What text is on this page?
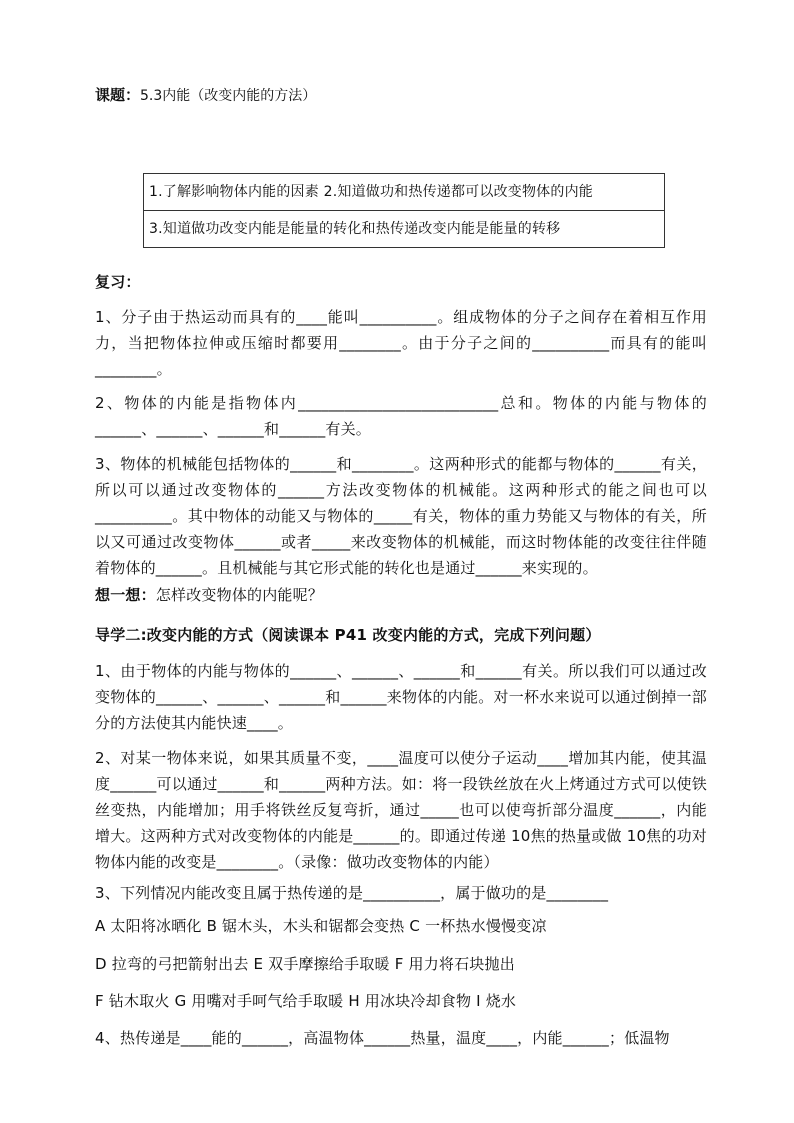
课题：5.3内能（改变内能的方法）
1.了解影响物体内能的因素 2.知道做功和热传递都可以改变物体的内能
3.知道做功改变内能是能量的转化和热传递改变内能是能量的转移
复习：
1、分子由于热运动而具有的____能叫__________。组成物体的分子之间存在着相互作用力，当把物体拉伸或压缩时都要用________。由于分子之间的__________而具有的能叫________。
2、物体的内能是指物体内__________________________总和。物体的内能与物体的______、______、______和______有关。
3、物体的机械能包括物体的______和________。这两种形式的能都与物体的______有关，所以可以通过改变物体的______方法改变物体的机械能。这两种形式的能之间也可以__________。其中物体的动能又与物体的_____有关，物体的重力势能又与物体的有关，所以又可通过改变物体______或者_____来改变物体的机械能，而这时物体能的改变往往伴随着物体的______。且机械能与其它形式能的转化也是通过______来实现的。
想一想：怎样改变物体的内能呢？
导学二:改变内能的方式（阅读课本 P41 改变内能的方式，完成下列问题）
1、由于物体的内能与物体的______、______、______和______有关。所以我们可以通过改变物体的______、______、______和______来物体的内能。对一杯水来说可以通过倒掉一部分的方法使其内能快速____。
2、对某一物体来说，如果其质量不变，____温度可以使分子运动____增加其内能，使其温度______可以通过______和______两种方法。如：将一段铁丝放在火上烤通过方式可以使铁丝变热，内能增加；用手将铁丝反复弯折，通过_____也可以使弯折部分温度______，内能增大。这两种方式对改变物体的内能是______的。即通过传递 10焦的热量或做 10焦的功对物体内能的改变是________。（录像：做功改变物体的内能）
3、下列情况内能改变且属于热传递的是__________，属于做功的是________
A 太阳将冰晒化 B 锯木头，木头和锯都会变热 C 一杯热水慢慢变凉
D 拉弯的弓把箭射出去 E 双手摩擦给手取暖 F 用力将石块抛出
F 钻木取火 G 用嘴对手呵气给手取暖 H 用冰块冷却食物 I 烧水
4、热传递是____能的______，高温物体______热量，温度____，内能______；低温物
